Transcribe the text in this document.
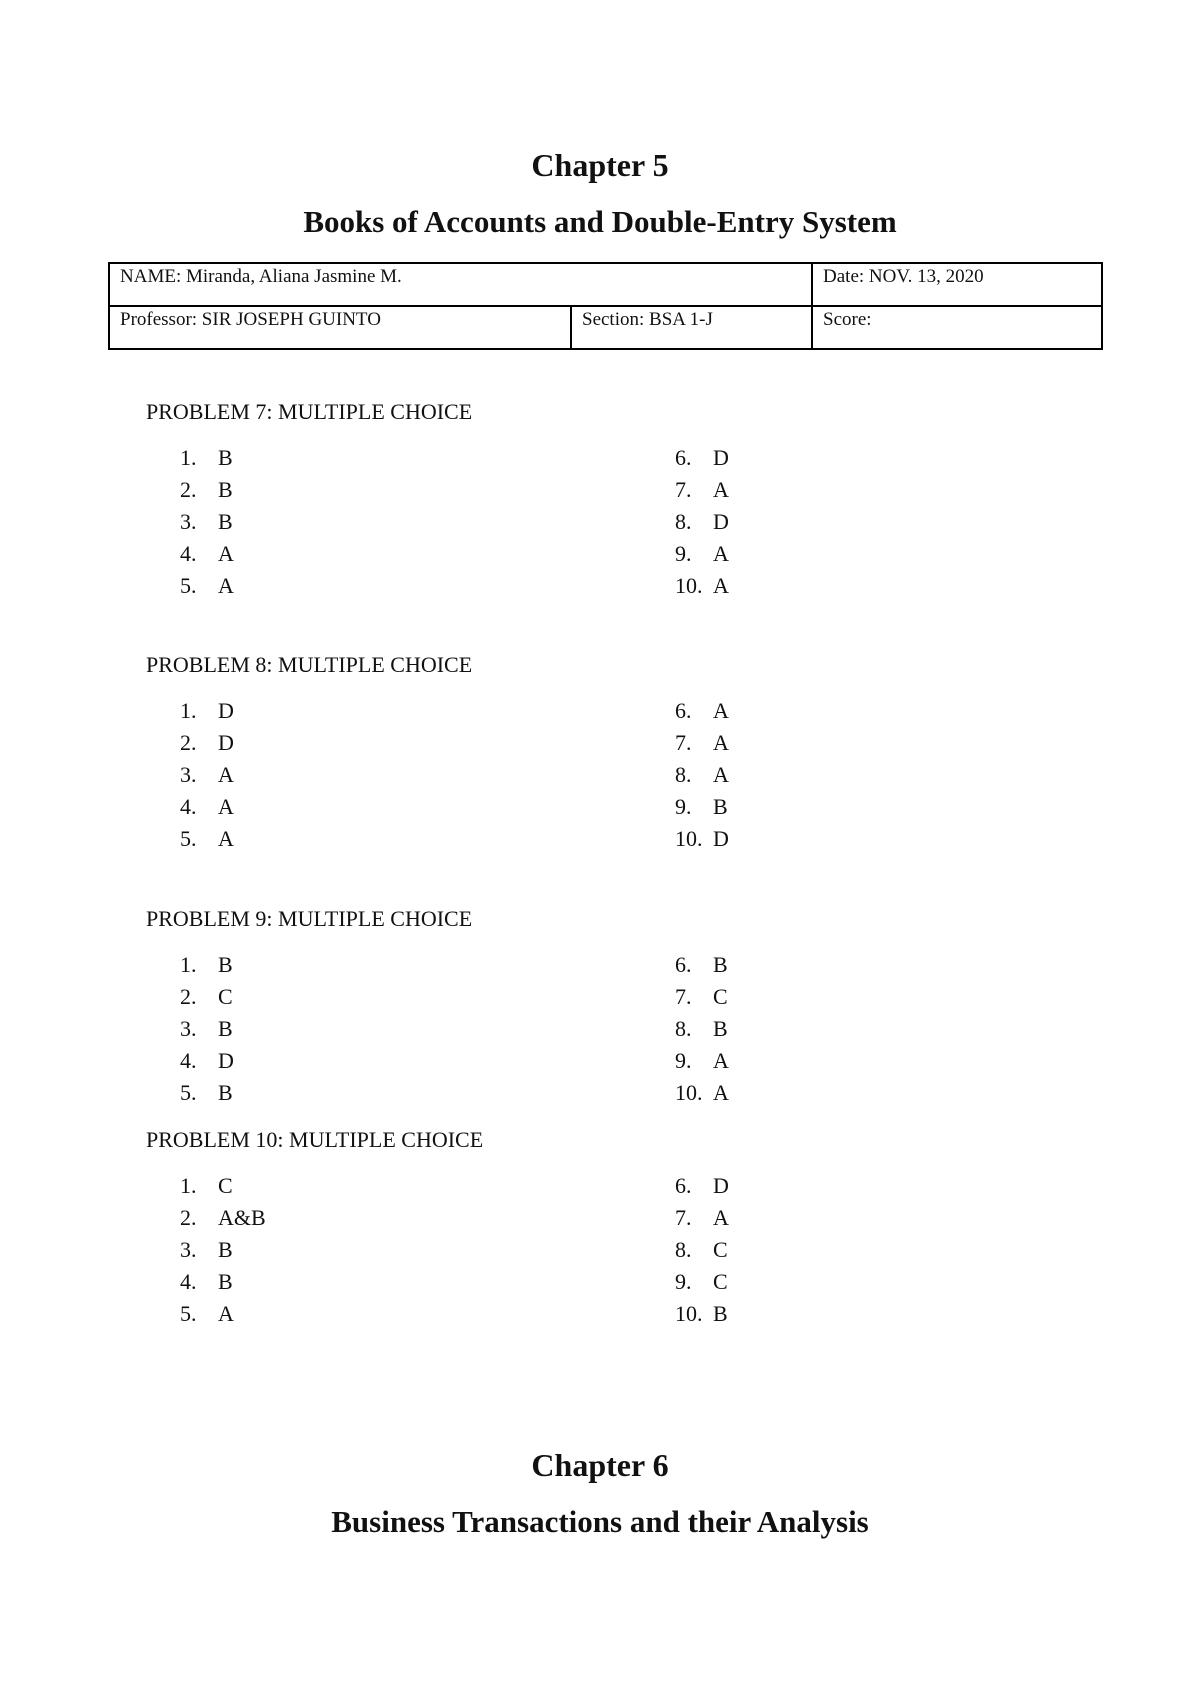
Chapter 5
Books of Accounts and Double-Entry System
NAME: Miranda, Aliana Jasmine M.		Date: NOV. 13, 2020
Professor: SIR JOSEPH GUINTO	Section: BSA 1-J	Score:

PROBLEM 7: MULTIPLE CHOICE

1. B
2. B
3. B
4. A
5. A
6. D
7. A
8. D
9. A
10. A

PROBLEM 8: MULTIPLE CHOICE

1. D
2. D
3. A
4. A
5. A
6. A
7. A
8. A
9. B
10. D

PROBLEM 9: MULTIPLE CHOICE

1. B
2. C
3. B
4. D
5. B
6. B
7. C
8. B
9. A
10. A

PROBLEM 10: MULTIPLE CHOICE

1. C
2. A&B
3. B
4. B
5. A
6. D
7. A
8. C
9. C
10. B
Chapter 6
Business Transactions and their Analysis
